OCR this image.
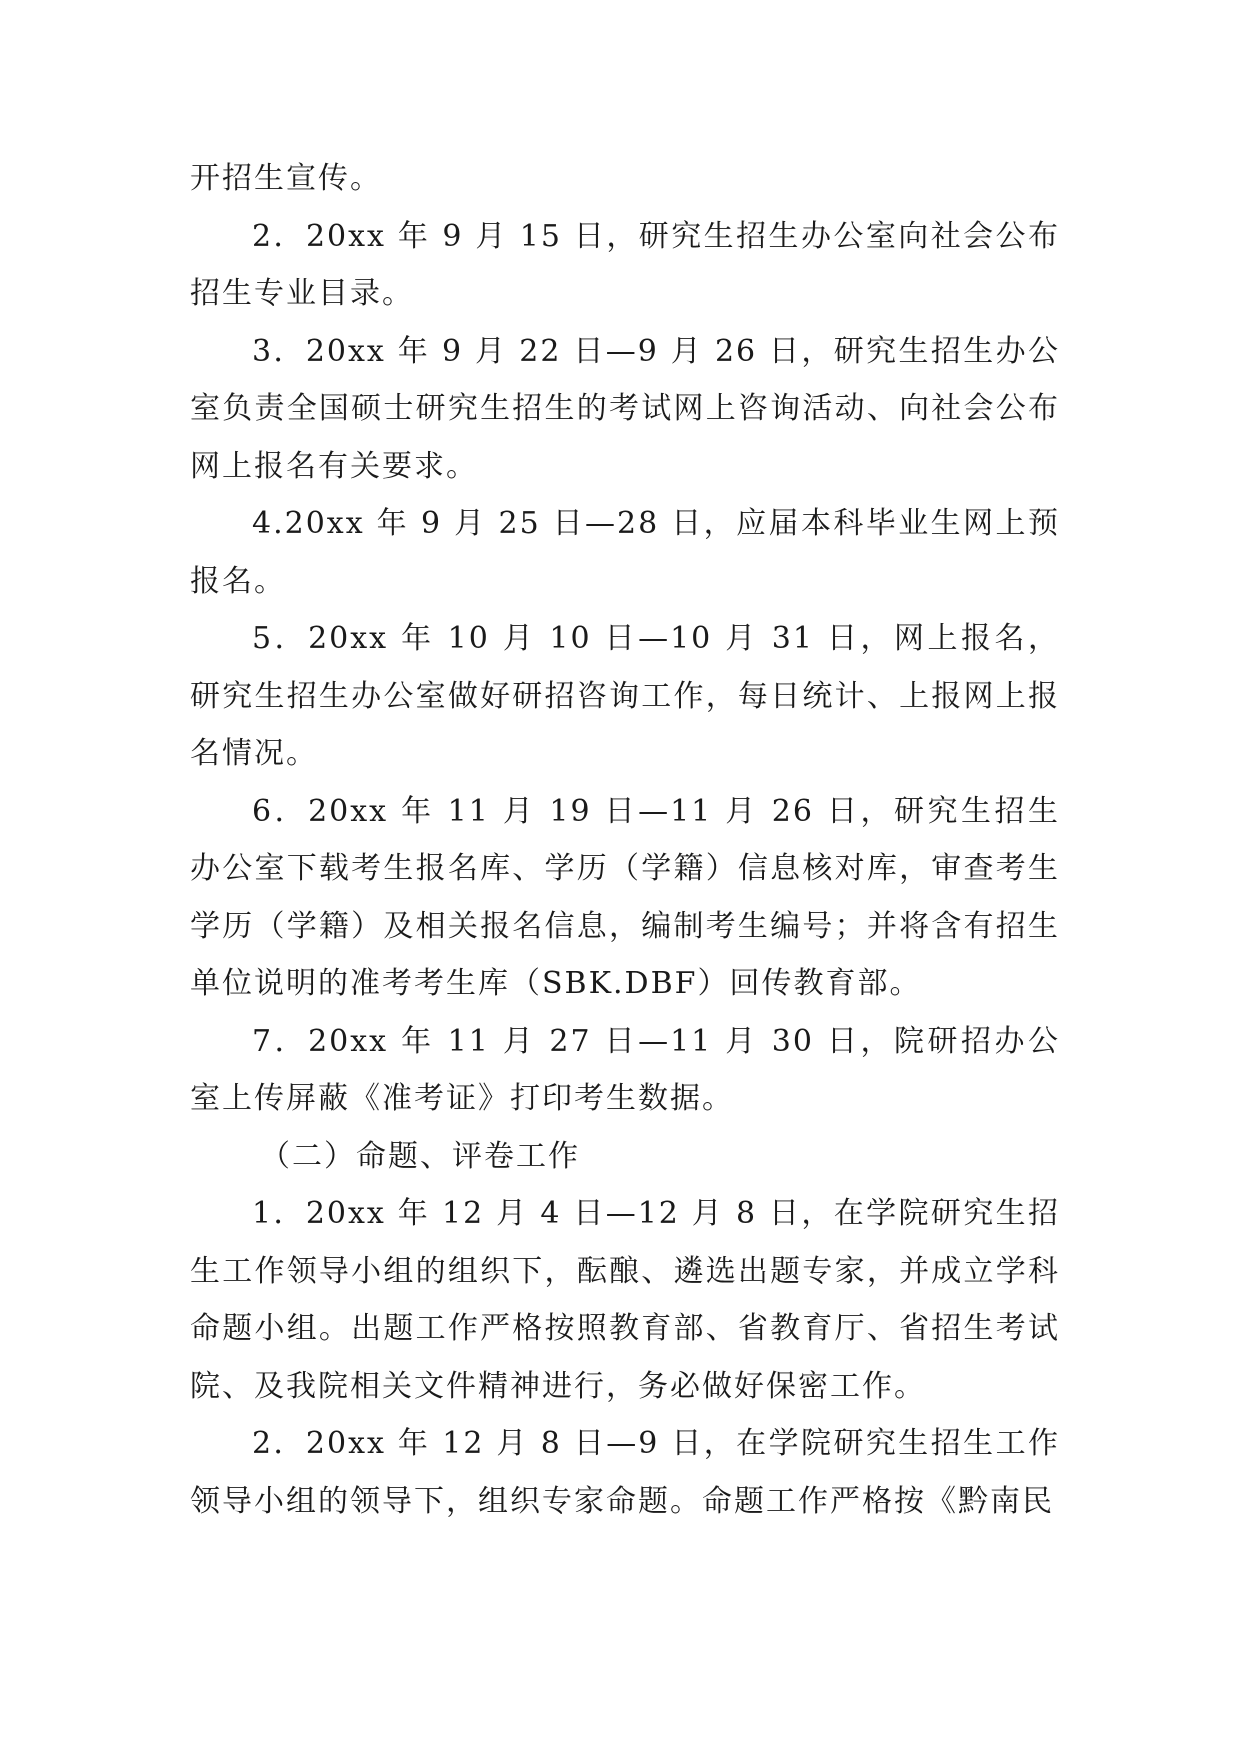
开招生宣传。

2．20xx 年 9 月 15 日，研究生招生办公室向社会公布招生专业目录。

3．20xx 年 9 月 22 日—9 月 26 日，研究生招生办公室负责全国硕士研究生招生的考试网上咨询活动、向社会公布网上报名有关要求。

4.20xx 年 9 月 25 日—28 日，应届本科毕业生网上预报名。

5．20xx 年 10 月 10 日—10 月 31 日，网上报名，研究生招生办公室做好研招咨询工作，每日统计、上报网上报名情况。

6．20xx 年 11 月 19 日—11 月 26 日，研究生招生办公室下载考生报名库、学历（学籍）信息核对库，审查考生学历（学籍）及相关报名信息，编制考生编号；并将含有招生单位说明的准考考生库（SBK.DBF）回传教育部。

7．20xx 年 11 月 27 日—11 月 30 日，院研招办公室上传屏蔽《准考证》打印考生数据。

（二）命题、评卷工作

1．20xx 年 12 月 4 日—12 月 8 日，在学院研究生招生工作领导小组的组织下，酝酿、遴选出题专家，并成立学科命题小组。出题工作严格按照教育部、省教育厅、省招生考试院、及我院相关文件精神进行，务必做好保密工作。

2．20xx 年 12 月 8 日—9 日，在学院研究生招生工作领导小组的领导下，组织专家命题。命题工作严格按《黔南民
